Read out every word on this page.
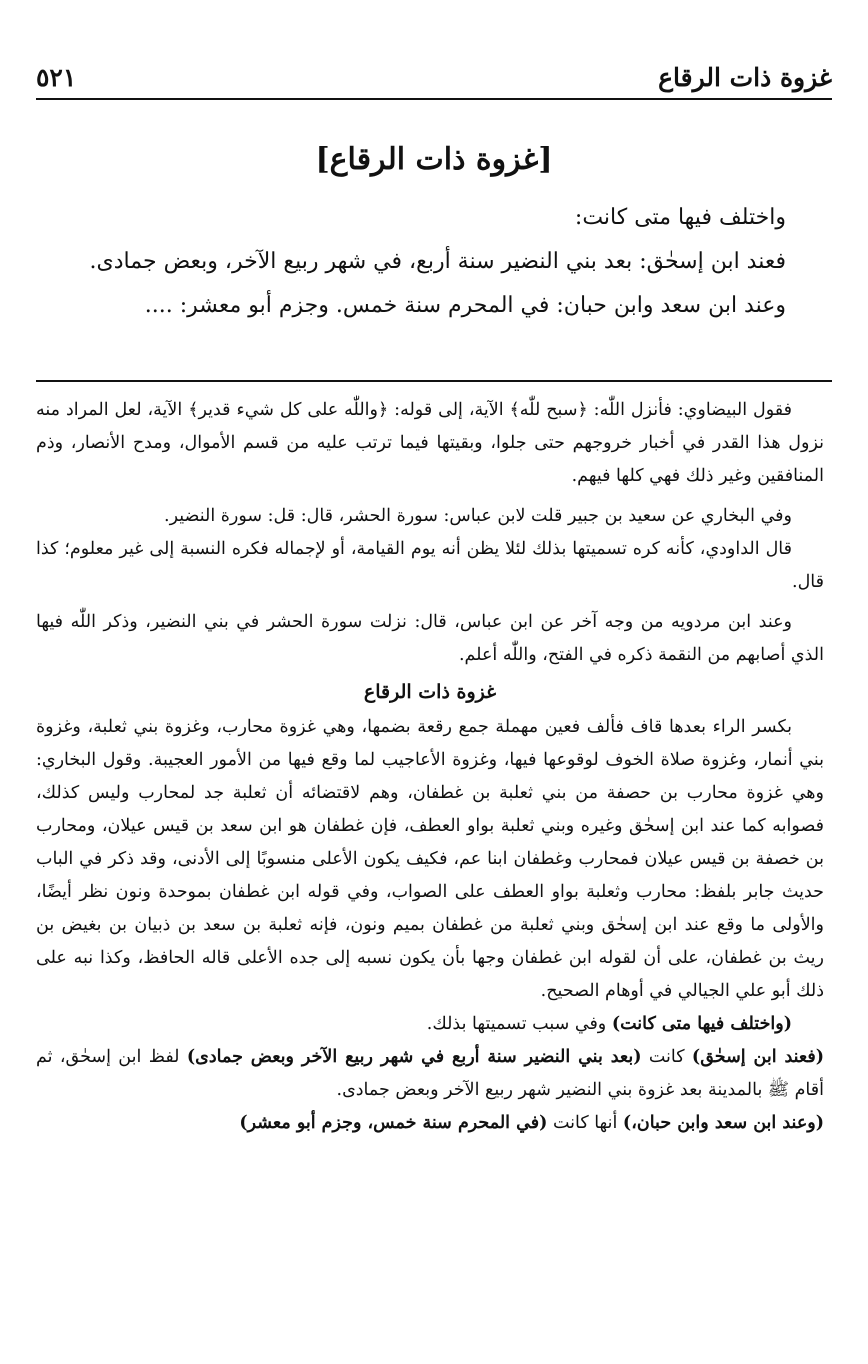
غزوة ذات الرقاع
٥٢١
[غزوة ذات الرقاع]

واختلف فيها متى كانت:

فعند ابن إسحٰق: بعد بني النضير سنة أربع، في شهر ربيع الآخر، وبعض جمادى.

وعند ابن سعد وابن حبان: في المحرم سنة خمس. وجزم أبو معشر: ....

فقول البيضاوي: فأنزل اللّٰه: ﴿سبح للّٰه﴾ الآية، إلى قوله: ﴿واللّٰه على كل شيء قدير﴾ الآية، لعل المراد منه نزول هذا القدر في أخبار خروجهم حتى جلوا، وبقيتها فيما ترتب عليه من قسم الأموال، ومدح الأنصار، وذم المنافقين وغير ذلك فهي كلها فيهم.

وفي البخاري عن سعيد بن جبير قلت لابن عباس: سورة الحشر، قال: قل: سورة النضير.

قال الداودي، كأنه كره تسميتها بذلك لئلا يظن أنه يوم القيامة، أو لإجماله فكره النسبة إلى غير معلوم؛ كذا قال.

وعند ابن مردويه من وجه آخر عن ابن عباس، قال: نزلت سورة الحشر في بني النضير، وذكر اللّٰه فيها الذي أصابهم من النقمة ذكره في الفتح، واللّٰه أعلم.

غزوة ذات الرقاع

بكسر الراء بعدها قاف فألف فعين مهملة جمع رقعة بضمها، وهي غزوة محارب، وغزوة بني ثعلبة، وغزوة بني أنمار، وغزوة صلاة الخوف لوقوعها فيها، وغزوة الأعاجيب لما وقع فيها من الأمور العجيبة. وقول البخاري: وهي غزوة محارب بن حصفة من بني ثعلبة بن غطفان، وهم لاقتضائه أن ثعلبة جد لمحارب وليس كذلك، فصوابه كما عند ابن إسحٰق وغيره وبني ثعلبة بواو العطف، فإن غطفان هو ابن سعد بن قيس عيلان، ومحارب بن خصفة بن قيس عيلان فمحارب وغطفان ابنا عم، فكيف يكون الأعلى منسوبًا إلى الأدنى، وقد ذكر في الباب حديث جابر بلفظ: محارب وثعلبة بواو العطف على الصواب، وفي قوله ابن غطفان بموحدة ونون نظر أيضًا، والأولى ما وقع عند ابن إسحٰق وبني ثعلبة من غطفان بميم ونون، فإنه ثعلبة بن سعد بن ذبيان بن بغيض بن ريث بن غطفان، على أن لقوله ابن غطفان وجها بأن يكون نسبه إلى جده الأعلى قاله الحافظ، وكذا نبه على ذلك أبو علي الجيالي في أوهام الصحيح.

(واختلف فيها متى كانت) وفي سبب تسميتها بذلك.

(فعند ابن إسحٰق) كانت (بعد بني النضير سنة أربع في شهر ربيع الآخر وبعض جمادى) لفظ ابن إسحٰق، ثم أقام ﷺ بالمدينة بعد غزوة بني النضير شهر ربيع الآخر وبعض جمادى.

(وعند ابن سعد وابن حبان،) أنها كانت (في المحرم سنة خمس، وجزم أبو معشر)
